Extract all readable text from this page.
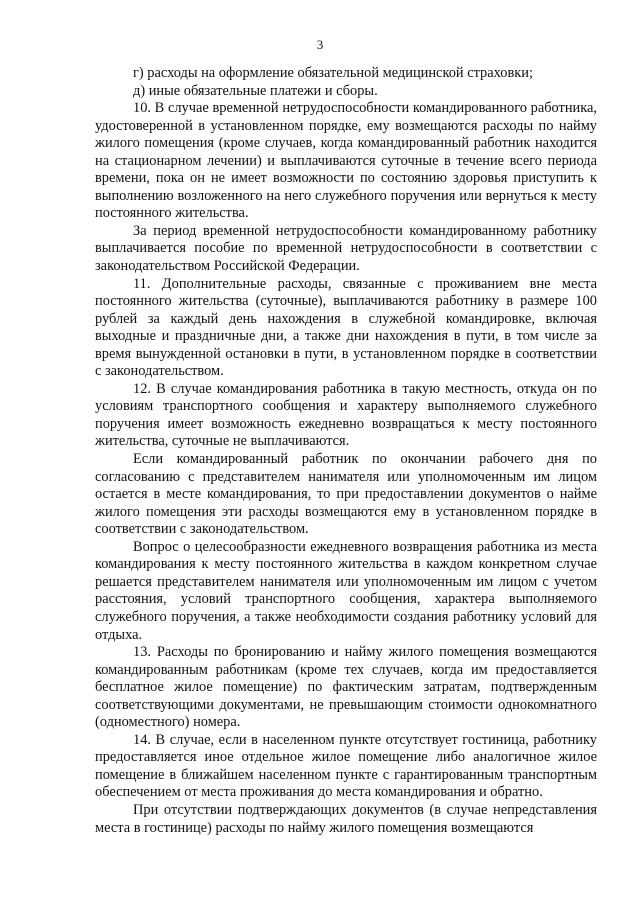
3

г) расходы на оформление обязательной медицинской страховки;

д) иные обязательные платежи и сборы.

10. В случае временной нетрудоспособности командированного работника, удостоверенной в установленном порядке, ему возмещаются расходы по найму жилого помещения (кроме случаев, когда командированный работник находится на стационарном лечении) и выплачиваются суточные в течение всего периода времени, пока он не имеет возможности по состоянию здоровья приступить к выполнению возложенного на него служебного поручения или вернуться к месту постоянного жительства.

За период временной нетрудоспособности командированному работнику выплачивается пособие по временной нетрудоспособности в соответствии с законодательством Российской Федерации.

11. Дополнительные расходы, связанные с проживанием вне места постоянного жительства (суточные), выплачиваются работнику в размере 100 рублей за каждый день нахождения в служебной командировке, включая выходные и праздничные дни, а также дни нахождения в пути, в том числе за время вынужденной остановки в пути, в установленном порядке в соответствии с законодательством.

12. В случае командирования работника в такую местность, откуда он по условиям транспортного сообщения и характеру выполняемого служебного поручения имеет возможность ежедневно возвращаться к месту постоянного жительства, суточные не выплачиваются.

Если командированный работник по окончании рабочего дня по согласованию с представителем нанимателя или уполномоченным им лицом остается в месте командирования, то при предоставлении документов о найме жилого помещения эти расходы возмещаются ему в установленном порядке в соответствии с законодательством.

Вопрос о целесообразности ежедневного возвращения работника из места командирования к месту постоянного жительства в каждом конкретном случае решается представителем нанимателя или уполномоченным им лицом с учетом расстояния, условий транспортного сообщения, характера выполняемого служебного поручения, а также необходимости создания работнику условий для отдыха.

13. Расходы по бронированию и найму жилого помещения возмещаются командированным работникам (кроме тех случаев, когда им предоставляется бесплатное жилое помещение) по фактическим затратам, подтвержденным соответствующими документами, не превышающим стоимости однокомнатного (одноместного) номера.

14. В случае, если в населенном пункте отсутствует гостиница, работнику предоставляется иное отдельное жилое помещение либо аналогичное жилое помещение в ближайшем населенном пункте с гарантированным транспортным обеспечением от места проживания до места командирования и обратно.

При отсутствии подтверждающих документов (в случае непредставления места в гостинице) расходы по найму жилого помещения возмещаются
